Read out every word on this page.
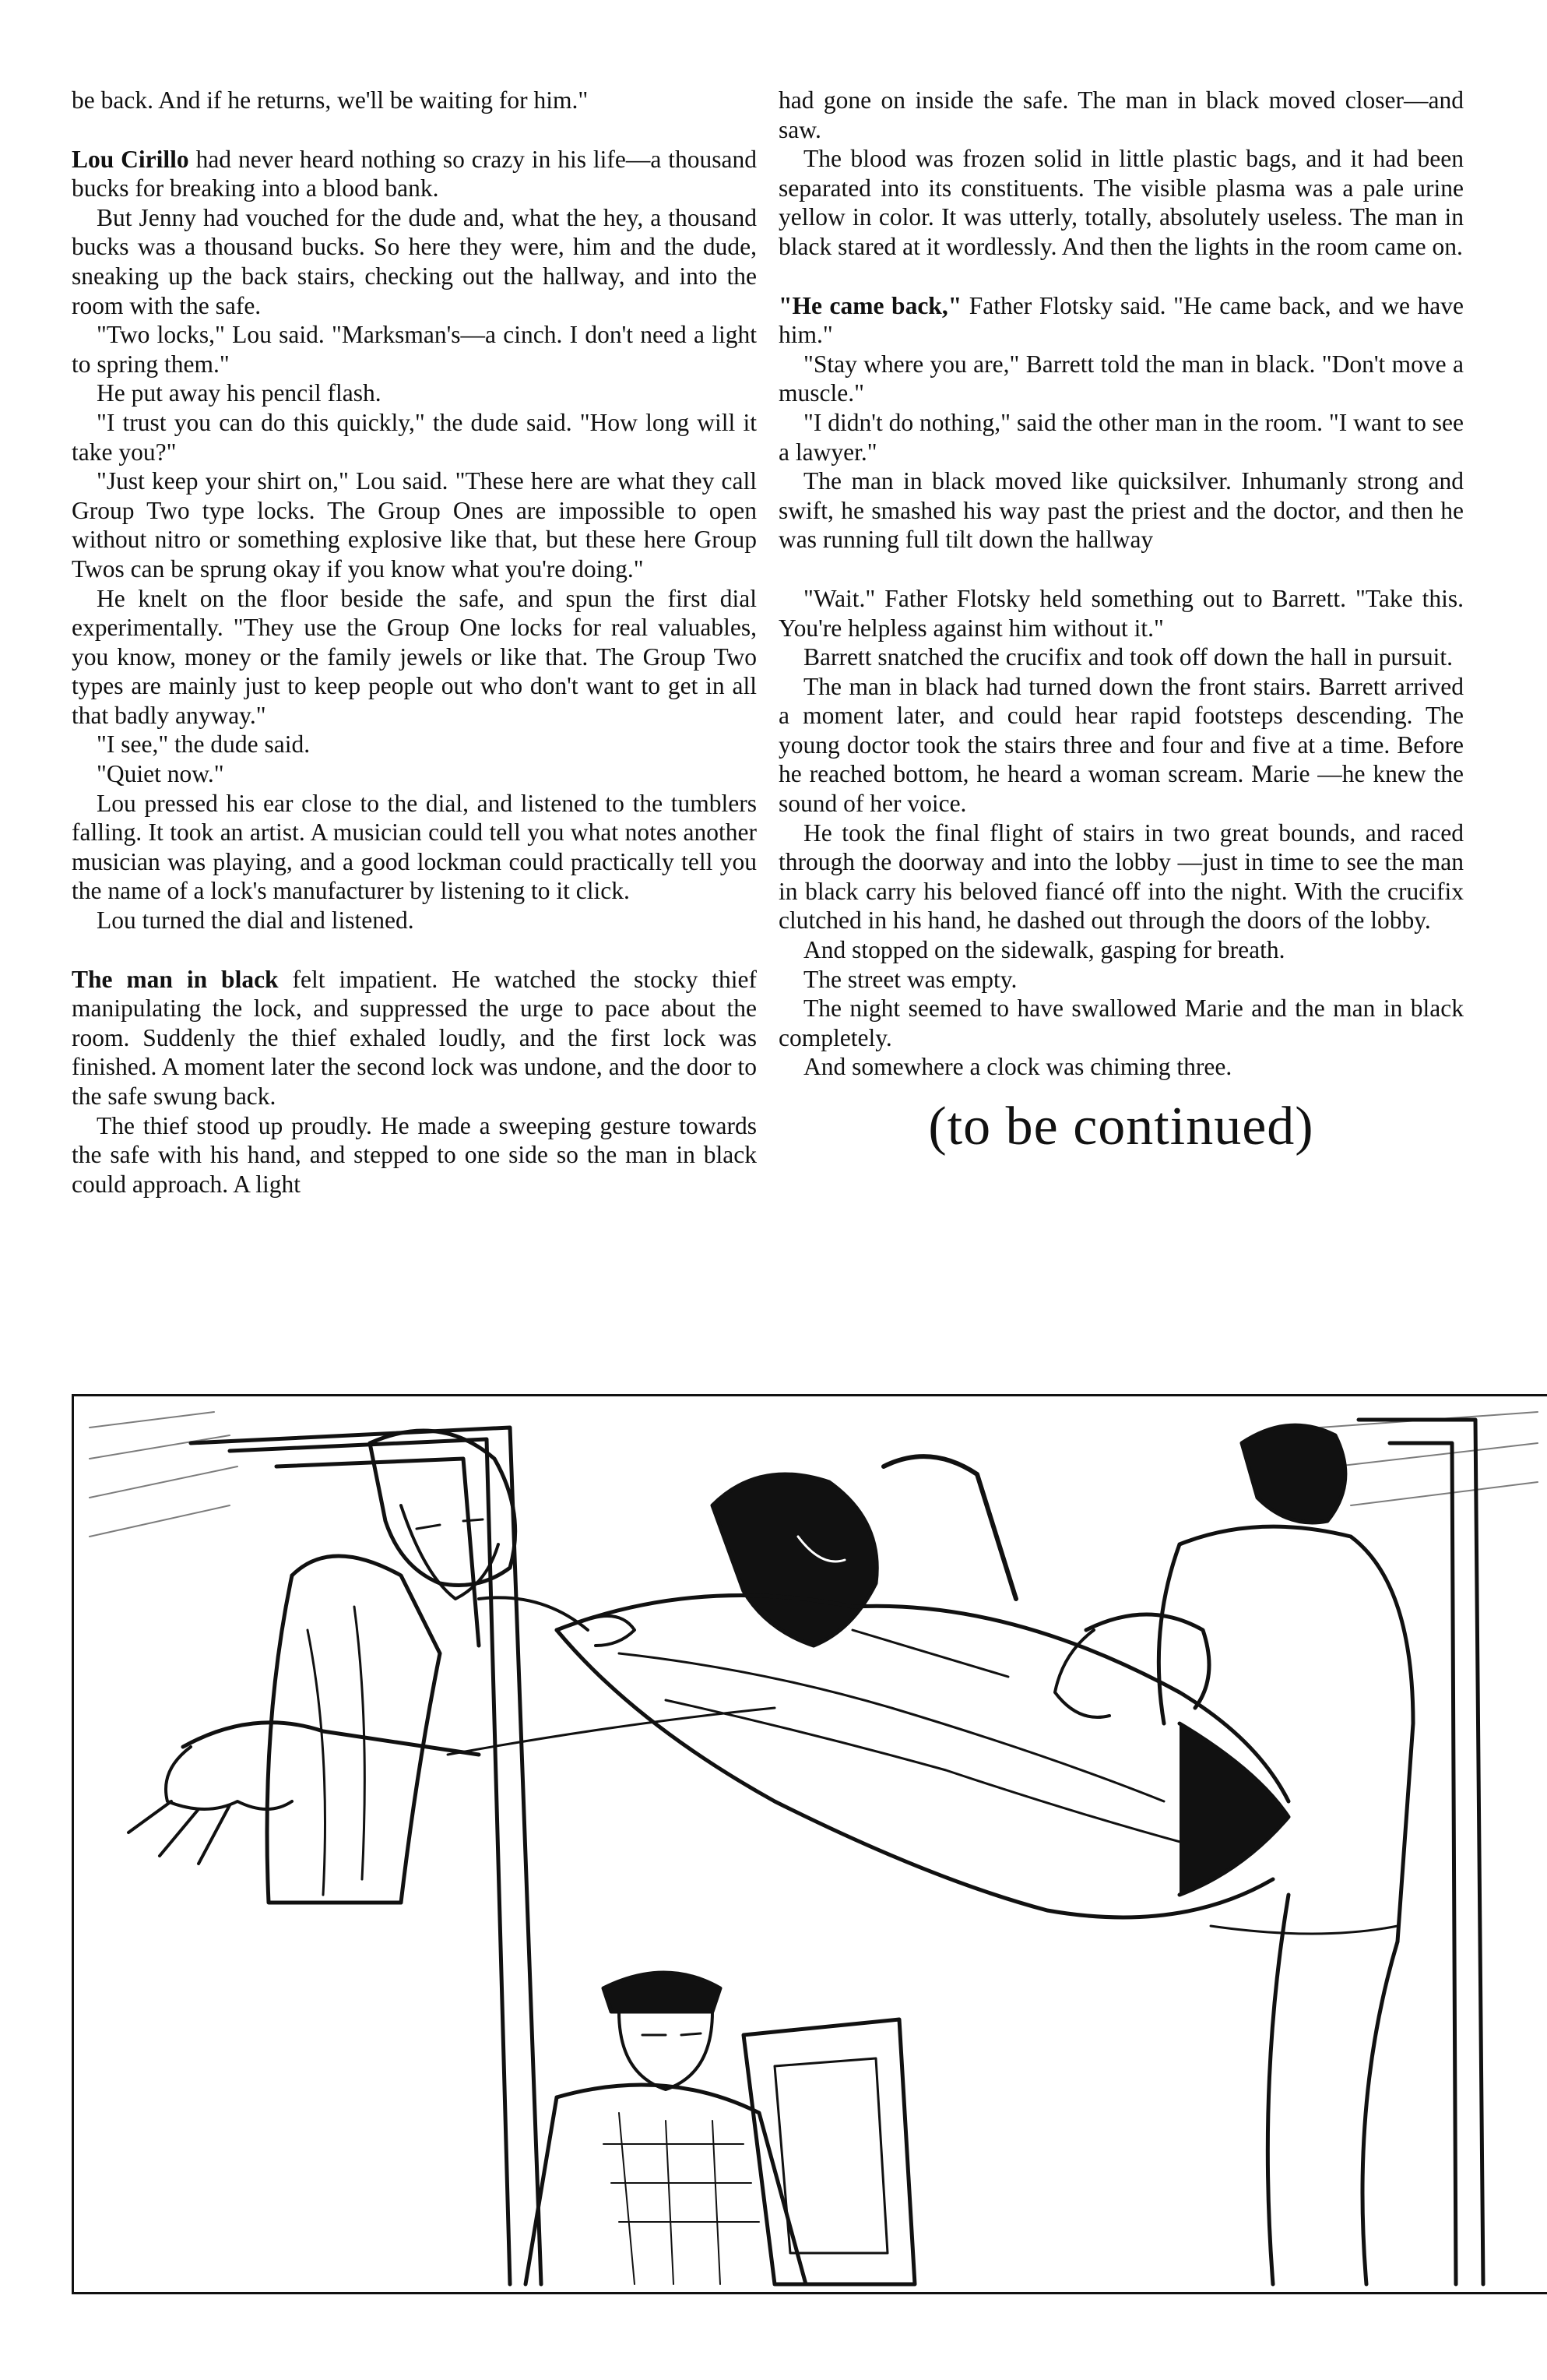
be back. And if he returns, we'll be waiting for him."

Lou Cirillo had never heard nothing so crazy in his life—a thousand bucks for breaking into a blood bank.

But Jenny had vouched for the dude and, what the hey, a thousand bucks was a thousand bucks. So here they were, him and the dude, sneaking up the back stairs, checking out the hallway, and into the room with the safe.

"Two locks," Lou said. "Marksman's—a cinch. I don't need a light to spring them."

He put away his pencil flash.

"I trust you can do this quickly," the dude said. "How long will it take you?"

"Just keep your shirt on," Lou said. "These here are what they call Group Two type locks. The Group Ones are impossible to open without nitro or something explosive like that, but these here Group Twos can be sprung okay if you know what you're doing."

He knelt on the floor beside the safe, and spun the first dial experimentally. "They use the Group One locks for real valuables, you know, money or the family jewels or like that. The Group Two types are mainly just to keep people out who don't want to get in all that badly anyway."

"I see," the dude said.

"Quiet now."

Lou pressed his ear close to the dial, and listened to the tumblers falling. It took an artist. A musician could tell you what notes another musician was playing, and a good lockman could practically tell you the name of a lock's manufacturer by listening to it click.

Lou turned the dial and listened.

The man in black felt impatient. He watched the stocky thief manipulating the lock, and suppressed the urge to pace about the room. Suddenly the thief exhaled loudly, and the first lock was finished. A moment later the second lock was undone, and the door to the safe swung back.

The thief stood up proudly. He made a sweeping gesture towards the safe with his hand, and stepped to one side so the man in black could approach. A light

had gone on inside the safe. The man in black moved closer—and saw.

The blood was frozen solid in little plastic bags, and it had been separated into its constituents. The visible plasma was a pale urine yellow in color. It was utterly, totally, absolutely useless. The man in black stared at it wordlessly. And then the lights in the room came on.

"He came back," Father Flotsky said. "He came back, and we have him."

"Stay where you are," Barrett told the man in black. "Don't move a muscle."

"I didn't do nothing," said the other man in the room. "I want to see a lawyer."

The man in black moved like quicksilver. Inhumanly strong and swift, he smashed his way past the priest and the doctor, and then he was running full tilt down the hallway

"Wait." Father Flotsky held something out to Barrett. "Take this. You're helpless against him without it."

Barrett snatched the crucifix and took off down the hall in pursuit.

The man in black had turned down the front stairs. Barrett arrived a moment later, and could hear rapid footsteps descending. The young doctor took the stairs three and four and five at a time. Before he reached bottom, he heard a woman scream. Marie —he knew the sound of her voice.

He took the final flight of stairs in two great bounds, and raced through the doorway and into the lobby —just in time to see the man in black carry his beloved fiancé off into the night. With the crucifix clutched in his hand, he dashed out through the doors of the lobby.

And stopped on the sidewalk, gasping for breath.

The street was empty.

The night seemed to have swallowed Marie and the man in black completely.

And somewhere a clock was chiming three.

(to be continued)
